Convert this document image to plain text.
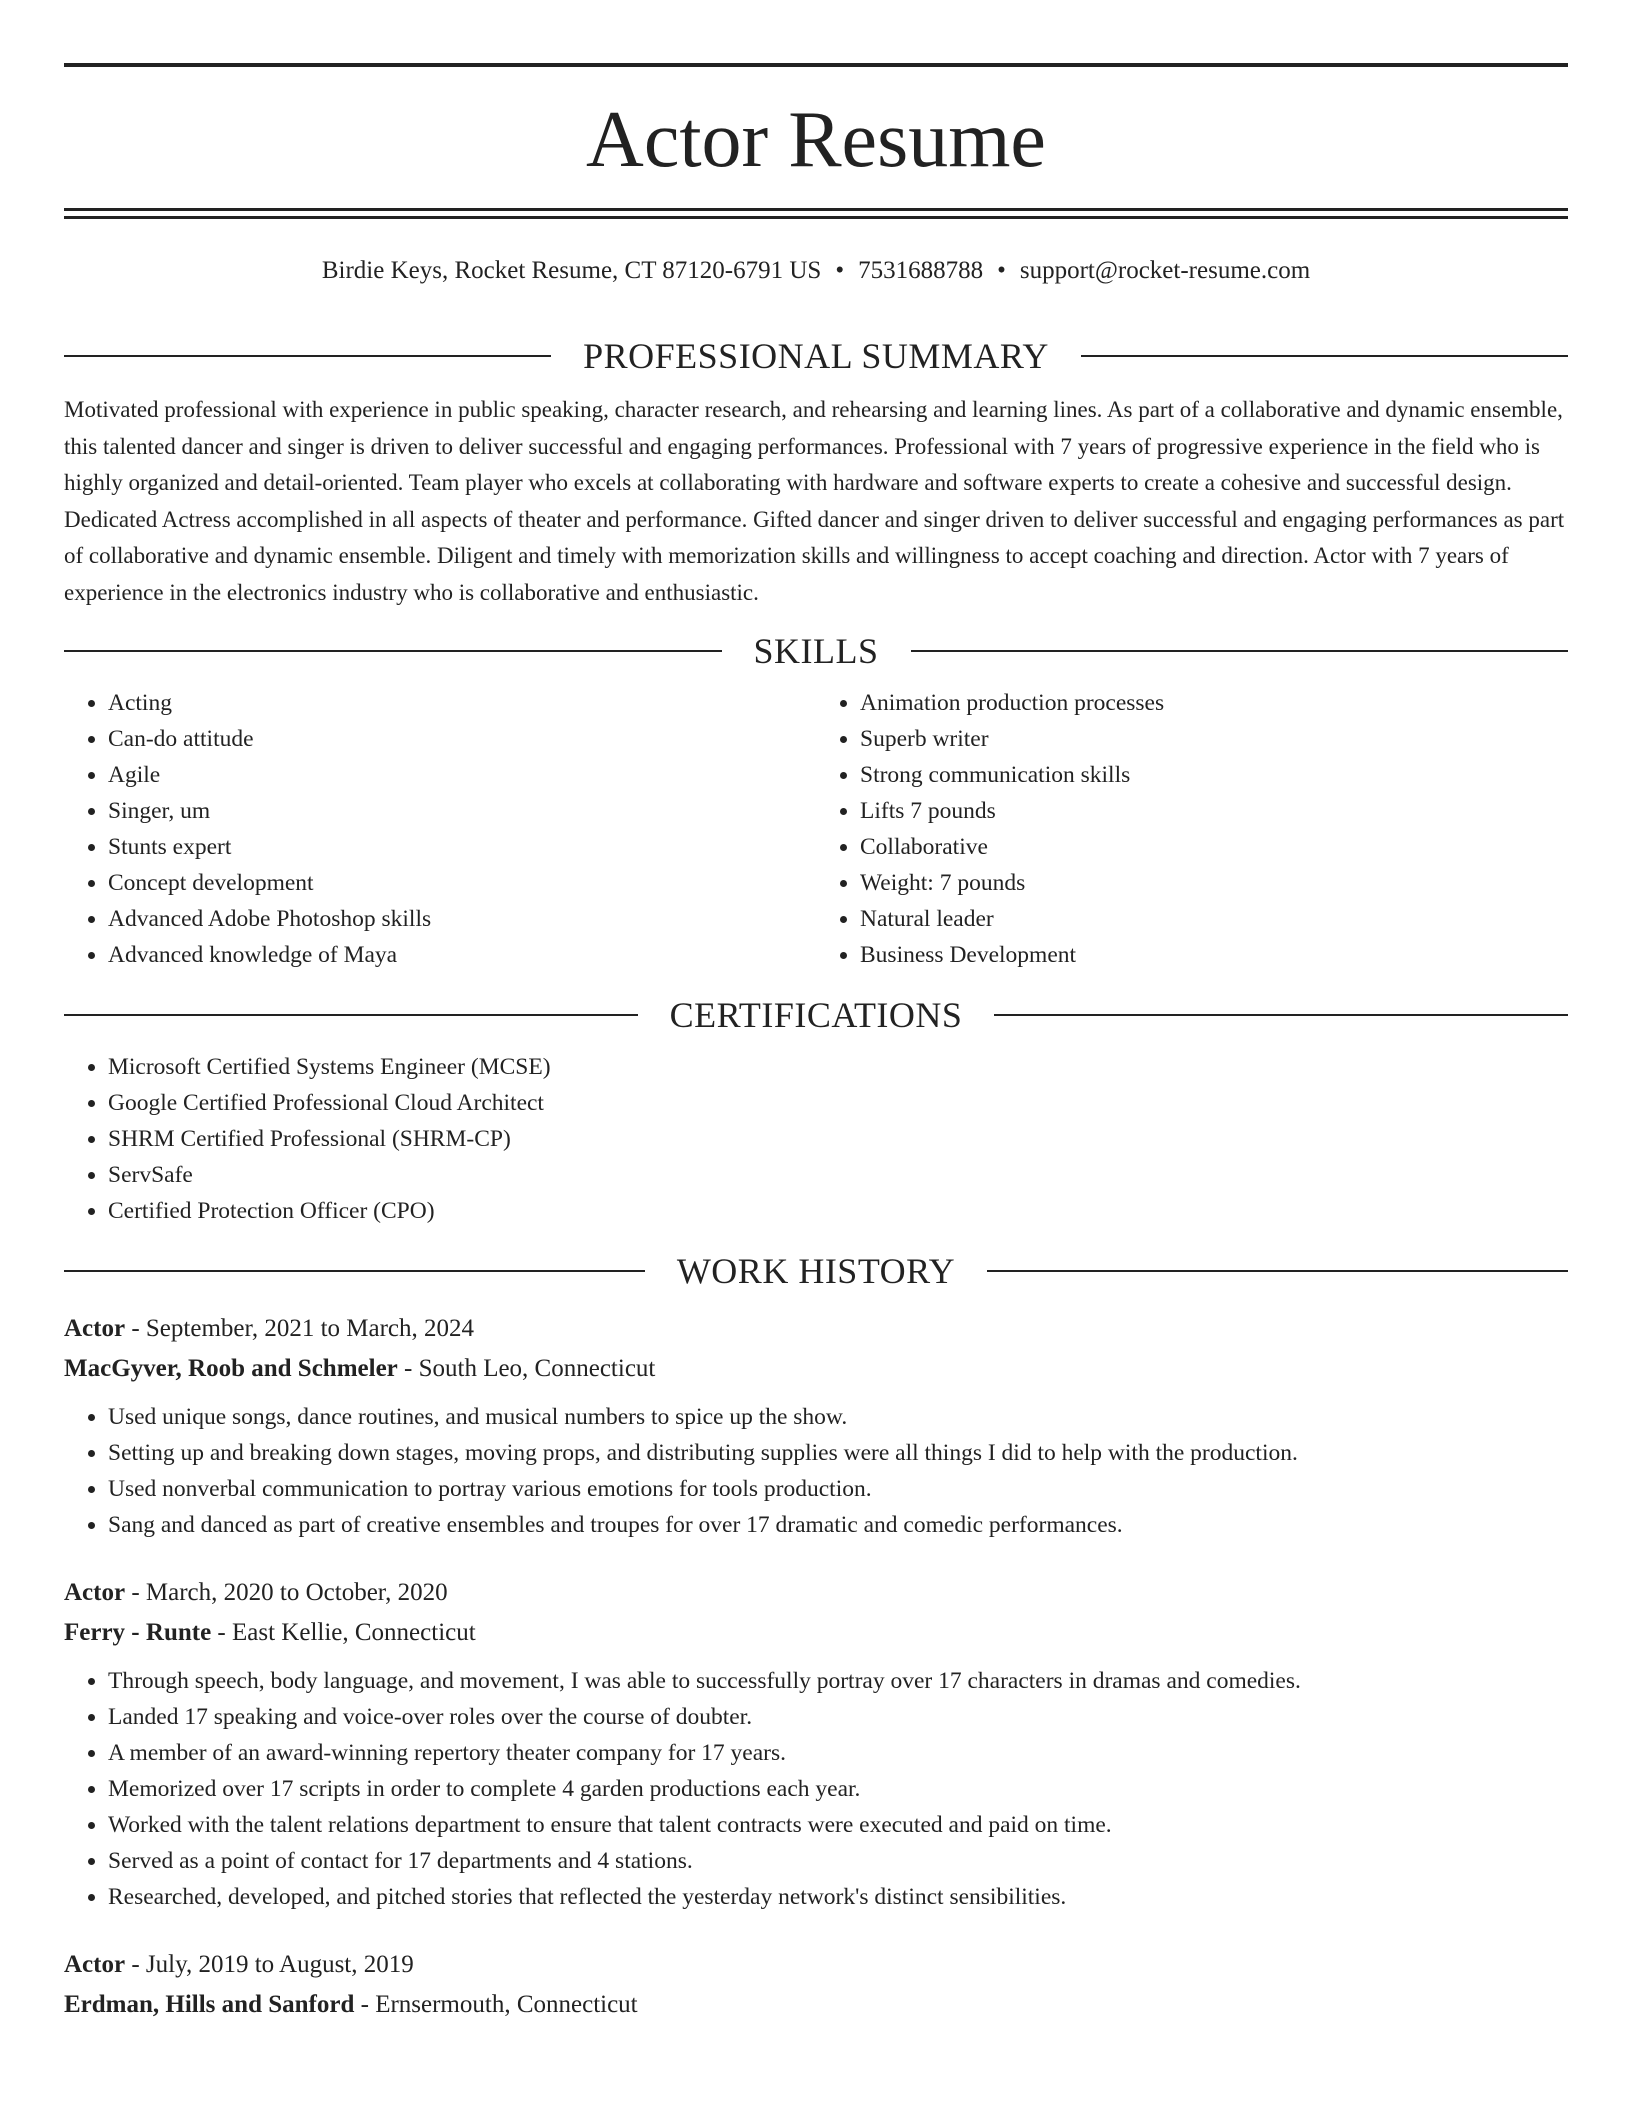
Actor Resume
Birdie Keys, Rocket Resume, CT 87120-6791 US • 7531688788 • support@rocket-resume.com
PROFESSIONAL SUMMARY

Motivated professional with experience in public speaking, character research, and rehearsing and learning lines. As part of a collaborative and dynamic ensemble, this talented dancer and singer is driven to deliver successful and engaging performances. Professional with 7 years of progressive experience in the field who is highly organized and detail-oriented. Team player who excels at collaborating with hardware and software experts to create a cohesive and successful design. Dedicated Actress accomplished in all aspects of theater and performance. Gifted dancer and singer driven to deliver successful and engaging performances as part of collaborative and dynamic ensemble. Diligent and timely with memorization skills and willingness to accept coaching and direction. Actor with 7 years of experience in the electronics industry who is collaborative and enthusiastic.

SKILLS
• Acting
• Can-do attitude
• Agile
• Singer, um
• Stunts expert
• Concept development
• Advanced Adobe Photoshop skills
• Advanced knowledge of Maya
• Animation production processes
• Superb writer
• Strong communication skills
• Lifts 7 pounds
• Collaborative
• Weight: 7 pounds
• Natural leader
• Business Development
CERTIFICATIONS
• Microsoft Certified Systems Engineer (MCSE)
• Google Certified Professional Cloud Architect
• SHRM Certified Professional (SHRM-CP)
• ServSafe
• Certified Protection Officer (CPO)
WORK HISTORY
Actor - September, 2021 to March, 2024
MacGyver, Roob and Schmeler - South Leo, Connecticut
• Used unique songs, dance routines, and musical numbers to spice up the show.
• Setting up and breaking down stages, moving props, and distributing supplies were all things I did to help with the production.
• Used nonverbal communication to portray various emotions for tools production.
• Sang and danced as part of creative ensembles and troupes for over 17 dramatic and comedic performances.
Actor - March, 2020 to October, 2020
Ferry - Runte - East Kellie, Connecticut
• Through speech, body language, and movement, I was able to successfully portray over 17 characters in dramas and comedies.
• Landed 17 speaking and voice-over roles over the course of doubter.
• A member of an award-winning repertory theater company for 17 years.
• Memorized over 17 scripts in order to complete 4 garden productions each year.
• Worked with the talent relations department to ensure that talent contracts were executed and paid on time.
• Served as a point of contact for 17 departments and 4 stations.
• Researched, developed, and pitched stories that reflected the yesterday network's distinct sensibilities.
Actor - July, 2019 to August, 2019
Erdman, Hills and Sanford - Ernsermouth, Connecticut
